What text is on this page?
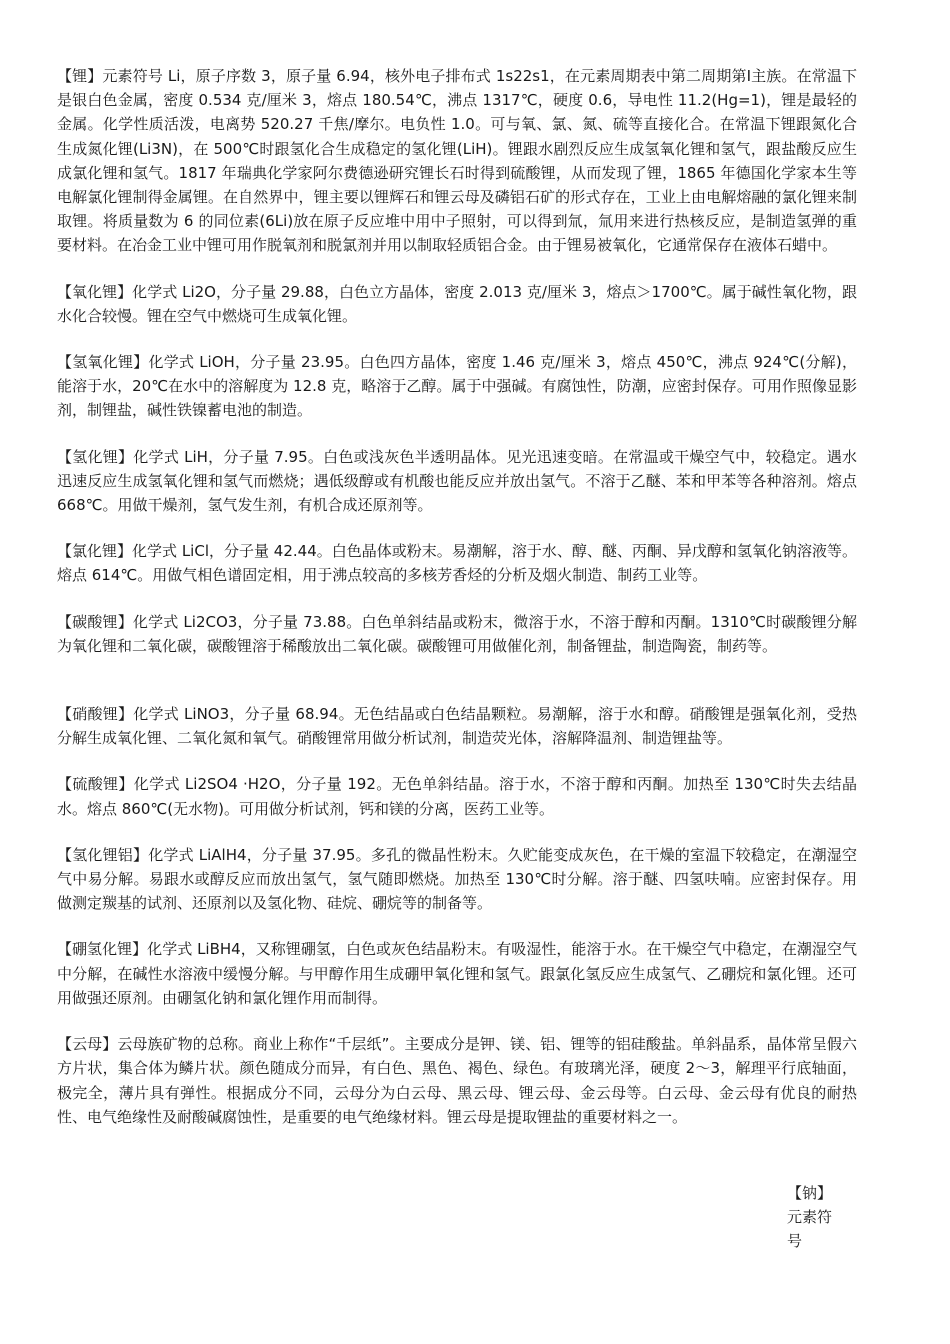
【锂】元素符号 Li，原子序数 3，原子量 6.94，核外电子排布式 1s22s1，在元素周期表中第二周期第Ⅰ主族。在常温下是银白色金属，密度 0.534 克/厘米 3，熔点 180.54℃，沸点 1317℃，硬度 0.6，导电性 11.2(Hg=1)，锂是最轻的金属。化学性质活泼，电离势 520.27 千焦/摩尔。电负性 1.0。可与氧、氯、氮、硫等直接化合。在常温下锂跟氮化合生成氮化锂(Li3N)，在 500℃时跟氢化合生成稳定的氢化锂(LiH)。锂跟水剧烈反应生成氢氧化锂和氢气，跟盐酸反应生成氯化锂和氢气。1817 年瑞典化学家阿尔费德逊研究锂长石时得到硫酸锂，从而发现了锂，1865 年德国化学家本生等电解氯化锂制得金属锂。在自然界中，锂主要以锂辉石和锂云母及磷铝石矿的形式存在，工业上由电解熔融的氯化锂来制取锂。将质量数为 6 的同位素(6Li)放在原子反应堆中用中子照射，可以得到氚，氚用来进行热核反应，是制造氢弹的重要材料。在冶金工业中锂可用作脱氧剂和脱氯剂并用以制取轻质铝合金。由于锂易被氧化，它通常保存在液体石蜡中。

【氧化锂】化学式 Li2O，分子量 29.88，白色立方晶体，密度 2.013 克/厘米 3，熔点＞1700℃。属于碱性氧化物，跟水化合较慢。锂在空气中燃烧可生成氧化锂。

【氢氧化锂】化学式 LiOH，分子量 23.95。白色四方晶体，密度 1.46 克/厘米 3，熔点 450℃，沸点 924℃(分解)，能溶于水，20℃在水中的溶解度为 12.8 克，略溶于乙醇。属于中强碱。有腐蚀性，防潮，应密封保存。可用作照像显影剂，制锂盐，碱性铁镍蓄电池的制造。

【氢化锂】化学式 LiH，分子量 7.95。白色或浅灰色半透明晶体。见光迅速变暗。在常温或干燥空气中，较稳定。遇水迅速反应生成氢氧化锂和氢气而燃烧；遇低级醇或有机酸也能反应并放出氢气。不溶于乙醚、苯和甲苯等各种溶剂。熔点 668℃。用做干燥剂，氢气发生剂，有机合成还原剂等。

【氯化锂】化学式 LiCl，分子量 42.44。白色晶体或粉末。易潮解，溶于水、醇、醚、丙酮、异戊醇和氢氧化钠溶液等。熔点 614℃。用做气相色谱固定相，用于沸点较高的多核芳香烃的分析及烟火制造、制药工业等。

【碳酸锂】化学式 Li2CO3，分子量 73.88。白色单斜结晶或粉末，微溶于水，不溶于醇和丙酮。1310℃时碳酸锂分解为氧化锂和二氧化碳，碳酸锂溶于稀酸放出二氧化碳。碳酸锂可用做催化剂，制备锂盐，制造陶瓷，制药等。

【硝酸锂】化学式 LiNO3，分子量 68.94。无色结晶或白色结晶颗粒。易潮解，溶于水和醇。硝酸锂是强氧化剂，受热分解生成氧化锂、二氧化氮和氧气。硝酸锂常用做分析试剂，制造荧光体，溶解降温剂、制造锂盐等。

【硫酸锂】化学式 Li2SO4 ·H2O，分子量 192。无色单斜结晶。溶于水，不溶于醇和丙酮。加热至 130℃时失去结晶水。熔点 860℃(无水物)。可用做分析试剂，钙和镁的分离，医药工业等。

【氢化锂铝】化学式 LiAlH4，分子量 37.95。多孔的微晶性粉末。久贮能变成灰色，在干燥的室温下较稳定，在潮湿空气中易分解。易跟水或醇反应而放出氢气，氢气随即燃烧。加热至 130℃时分解。溶于醚、四氢呋喃。应密封保存。用做测定羰基的试剂、还原剂以及氢化物、硅烷、硼烷等的制备等。

【硼氢化锂】化学式 LiBH4，又称锂硼氢，白色或灰色结晶粉末。有吸湿性，能溶于水。在干燥空气中稳定，在潮湿空气中分解，在碱性水溶液中缓慢分解。与甲醇作用生成硼甲氧化锂和氢气。跟氯化氢反应生成氢气、乙硼烷和氯化锂。还可用做强还原剂。由硼氢化钠和氯化锂作用而制得。

【云母】云母族矿物的总称。商业上称作“千层纸”。主要成分是钾、镁、铝、锂等的铝硅酸盐。单斜晶系，晶体常呈假六方片状，集合体为鳞片状。颜色随成分而异，有白色、黑色、褐色、绿色。有玻璃光泽，硬度 2～3，解理平行底轴面，极完全，薄片具有弹性。根据成分不同，云母分为白云母、黑云母、锂云母、金云母等。白云母、金云母有优良的耐热性、电气绝缘性及耐酸碱腐蚀性，是重要的电气绝缘材料。锂云母是提取锂盐的重要材料之一。

【钠】元素符号
